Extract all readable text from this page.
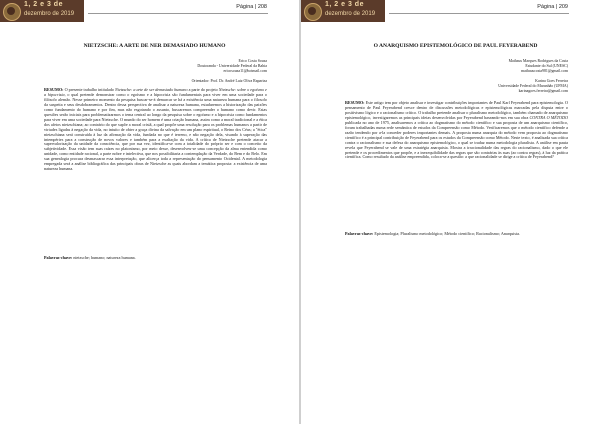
1, 2 e 3 de
dezembro de 2019
Página | 208
NIETZSCHE: A ARTE DE NER DEMASIADO HUMANO
Erico Costa Sousa
Doutoranda - Universidade Federal da Bahia
ericosouza11@hotmail.com
Orientador: Prof. Dr. André Luiz Oliva Rapariza
RESUMO: O presente trabalho intitulado Nietzsche: a arte de ser demasiado humano a parte do projeto Nietzsche: sobre o egoísmo e a hipocrisia, o qual pretende demonstrar como o egoísmo e a hipocrisia são fundamentais para viver em uma sociedade para o filósofo alemão. Nesse primeiro momento da pesquisa buscar-se-á demarcar se há a existência uma natureza humana para o filosofo da suspeita e seus desdobramentos. Dentro dessa perspectiva de analisar a natureza humana, estudaremos a historização das paixões como fundamento do humano e por fim, mas não esgotando o assunto, buscaremos compreender o humano como devir. Estas questões serão iniciais para problematizarmos o tema central ao longo da pesquisa sobre o egoísmo e a hipocrisia como fundamentos para viver em uma sociedade para Nietzsche. O mundo do ser homem é uma criação humana, assim como a moral tradicional e a ética dos afetos nietzschiana; ao contrário do que supõe a moral cristã, a qual propõe uma resolução para os problemas humanos a partir de virtudes ligadas à negação da vida, no intuito de obter a graça divina da salvação em um plano espiritual, o Reino dos Céus; a "ética" nietzschiana será construída à luz da afirmação da vida, fundada no que é terreno, e não negação dela, visando à superação das intempéries para a construção de novos valores e também para a exaltação da vida. A crítica de Nietzsche pretende atacar a supervalorização da unidade da consciência, que por sua vez, identifica-se com a totalidade do próprio ser e com o conceito da subjetividade. Essa visão tem suas raízes no platonismo, por meio desse, desenvolveu-se uma concepção da alma entendida como unidade, como entidade racional, a parte nobre e intelectiva, que nos possibilitaria a contemplação da Verdade, do Bem e do Belo. Em sua genealogia procura desmascarar essa interpretação, que alicerça toda a representação do pensamento Ocidental. A metodologia empregada será a análise bibliográfica das principais obras de Nietzsche as quais abordam a temática proposta: a existência de uma natureza humana.
Palavras-chave: nietzsche; humano; natureza humana.
1, 2 e 3 de
dezembro de 2019
Página | 209
O ANARQUISMO EPISTEMOLÓGICO DE PAUL FEYERABEND
Mathaus Marques Rodrigues da Costa
Estudante do Sul (UNESC)
mathauscosta981@gmail.com
Karina Goes Ferreira
Universidade Federal do Maranhão (UFMA)
karinagoes.ferreira@gmail.com
RESUMO: Este artigo tem por objeto analisar e investigar contribuições importantes de Paul Karl Feyerabend para epistemologia. O pensamento de Paul Feyerabend cresce dentro de discussões metodológicas e epistemológicas marcadas pela disputa entre o positivismo lógico e o racionalismo crítico. O trabalho pretende analisar o pluralismo metodológico, também chamado de anarquismo epistemológico, investigaremos as principais ideias desenvolvidas por Feyerabend baseando-nos em sua obra CONTRA O MÉTODO publicada no ano de 1975, analisaremos a crítica ao dogmatismo do método científico e sua proposta de um anarquismo científico, foram trabalhadas numa rede semântica de estudos da Compreensão como Método. Verificaremos que o método científico defende a razão tendendo por a-la conceder poderes importantes demais. A proposta numa anarquia do método vem proposta ao dogmatismo científico é a principal contribuição de Feyerabend para os estudos da Compreensão como Método. Neste texto, é analisada sua crítica contra o racionalismo e sua defesa do anarquismo epistemológico, o qual se traduz numa metodologia pluralista. A análise em pauta revela que Feyerabend se vale de uma estratégia anarquista. Mostra a irracionalidade das regras do racionalismo, dado o que ele pretende e os procedimentos que propõe, e a inexequibilidade das regras que são contrárias às suas (ao contra regras), à luz da prática científica. Como resultado da análise empreendida, coloca-se a questão: a que racionalidade se dirige a crítica de Feyerabend?
Palavras-chave: Epistemologia; Pluralismo metodológico; Método científico; Racionalismo; Anarquista.
